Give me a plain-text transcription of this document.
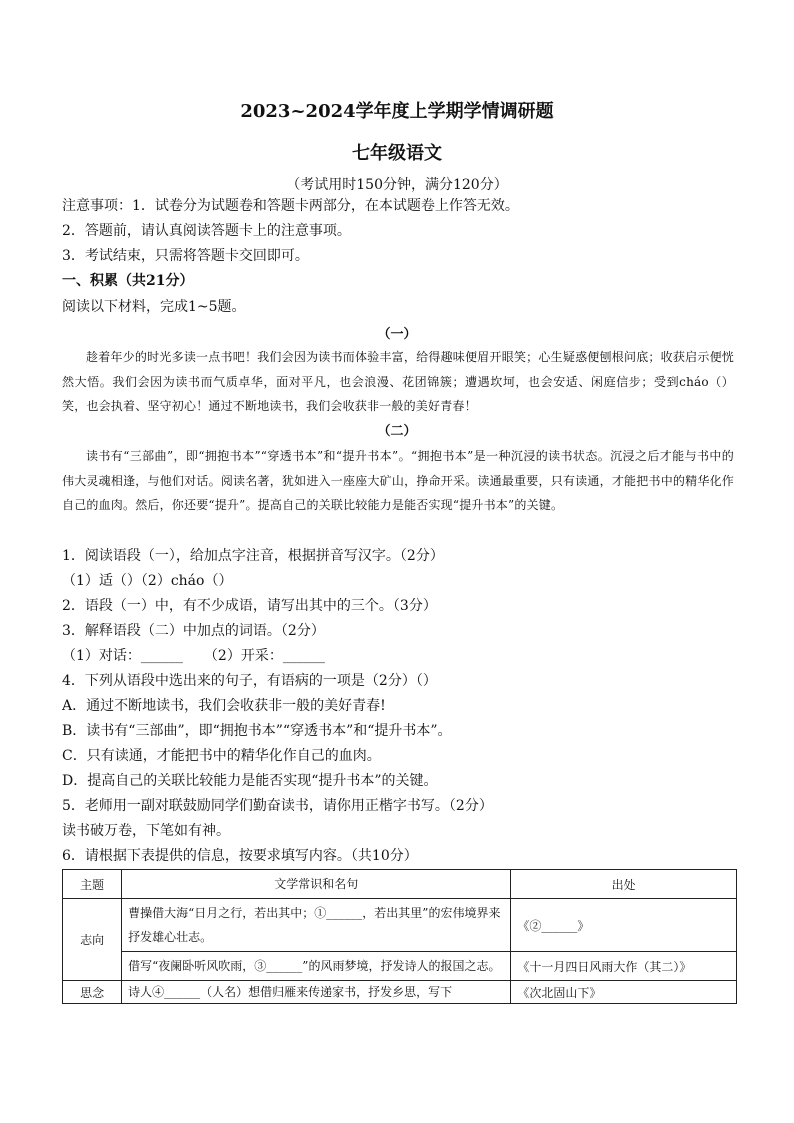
2023~2024学年度上学期学情调研题
七年级语文
（考试用时150分钟，满分120分）
注意事项：1．试卷分为试题卷和答题卡两部分，在本试题卷上作答无效。
2．答题前，请认真阅读答题卡上的注意事项。
3．考试结束，只需将答题卡交回即可。
一、积累（共21分）
阅读以下材料，完成1~5题。
（一）

趁着年少的时光多读一点书吧！我们会因为读书而体验丰富，给得趣味便眉开眼笑；心生疑惑便刨根问底；收获启示便恍然大悟。我们会因为读书而气质卓华，面对平凡，也会浪漫、花团锦簇；遭遇坎坷，也会安适、闲庭信步；受到cháo（）笑，也会执着、坚守初心！通过不断地读书，我们会收获非一般的美好青春！

（二）

读书有“三部曲”，即“拥抱书本”“穿透书本”和“提升书本”。“拥抱书本”是一种沉浸的读书状态。沉浸之后才能与书中的伟大灵魂相逢，与他们对话。阅读名著，犹如进入一座座大矿山，挣命开采。读通最重要，只有读通，才能把书中的精华化作自己的血肉。然后，你还要“提升”。提高自己的关联比较能力是能否实现“提升书本”的关键。

1．阅读语段（一），给加点字注音，根据拼音写汉字。（2分）
（1）适（）（2）cháo（）
2．语段（一）中，有不少成语，请写出其中的三个。（3分）
3．解释语段（二）中加点的词语。（2分）
（1）对话：______　　（2）开采：______
4．下列从语段中选出来的句子，有语病的一项是（2分）（）
A．通过不断地读书，我们会收获非一般的美好青春!
B．读书有“三部曲”，即“拥抱书本”“穿透书本”和“提升书本”。
C．只有读通，才能把书中的精华化作自己的血肉。
D．提高自己的关联比较能力是能否实现“提升书本”的关键。
5．老师用一副对联鼓励同学们勤奋读书，请你用正楷字书写。（2分）
读书破万卷，下笔如有神。
6．请根据下表提供的信息，按要求填写内容。（共10分）
主题	文学常识和名句	出处
志向	曹操借大海“日月之行，若出其中；①______，若出其里”的宏伟境界来抒发雄心壮志。	《②______》
	借写“夜阑卧听风吹雨，③______”的风雨梦境，抒发诗人的报国之志。	《十一月四日风雨大作（其二）》
思念	诗人④______（人名）想借归雁来传递家书，抒发乡思，写下	《次北固山下》
